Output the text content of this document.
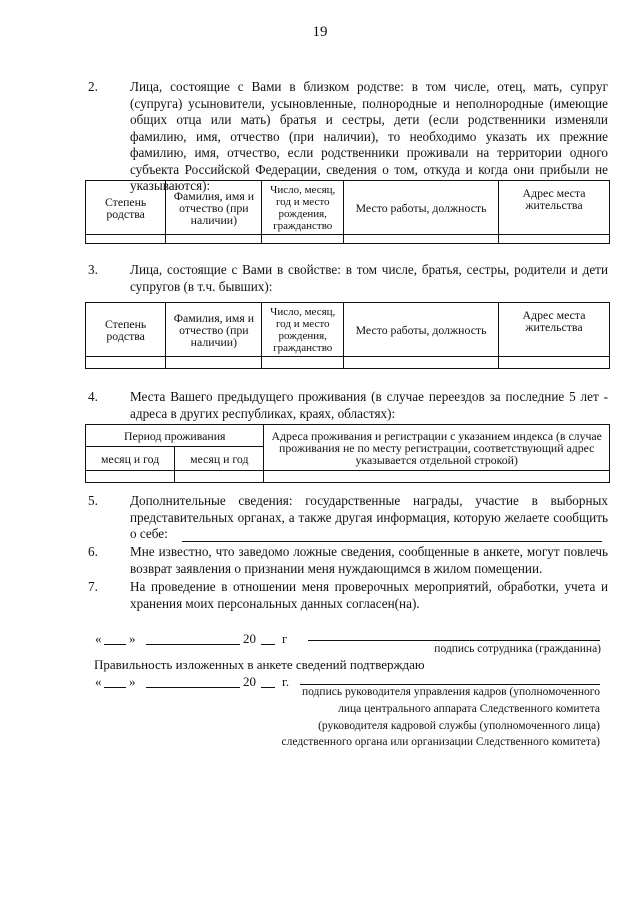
19
2. Лица, состоящие с Вами в близком родстве: в том числе, отец, мать, супруг (супруга) усыновители, усыновленные, полнородные и неполнородные (имеющие общих отца или мать) братья и сестры, дети (если родственники изменяли фамилию, имя, отчество (при наличии), то необходимо указать их прежние фамилию, имя, отчество, если родственники проживали на территории одного субъекта Российской Федерации, сведения о том, откуда и когда они прибыли не указываются):
Степень родства	Фамилия, имя и отчество (при наличии)	Число, месяц, год и место рождения, гражданство	Место работы, должность	Адрес места жительства

3. Лица, состоящие с Вами в свойстве: в том числе, братья, сестры, родители и дети супругов (в т.ч. бывших):
Степень родства	Фамилия, имя и отчество (при наличии)	Число, месяц, год и место рождения, гражданство	Место работы, должность	Адрес места жительства

4. Места Вашего предыдущего проживания (в случае переездов за последние 5 лет - адреса в других республиках, краях, областях):
Период проживания		Адреса проживания и регистрации с указанием индекса (в случае проживания не по месту регистрации, соответствующий адрес указывается отдельной строкой)
месяц и год	месяц и год	

5. Дополнительные сведения: государственные награды, участие в выборных представительных органах, а также другая информация, которую желаете сообщить о себе:
6. Мне известно, что заведомо ложные сведения, сообщенные в анкете, могут повлечь возврат заявления о признании меня нуждающимся в жилом помещении.
7. На проведение в отношении меня проверочных мероприятий, обработки, учета и хранения моих персональных данных согласен(на).
« »	20 г
подпись сотрудника (гражданина)
Правильность изложенных в анкете сведений подтверждаю
« »	20 г.
подпись руководителя управления кадров (уполномоченного
лица центрального аппарата Следственного комитета
(руководителя кадровой службы (уполномоченного лица)
следственного органа или организации Следственного комитета)
